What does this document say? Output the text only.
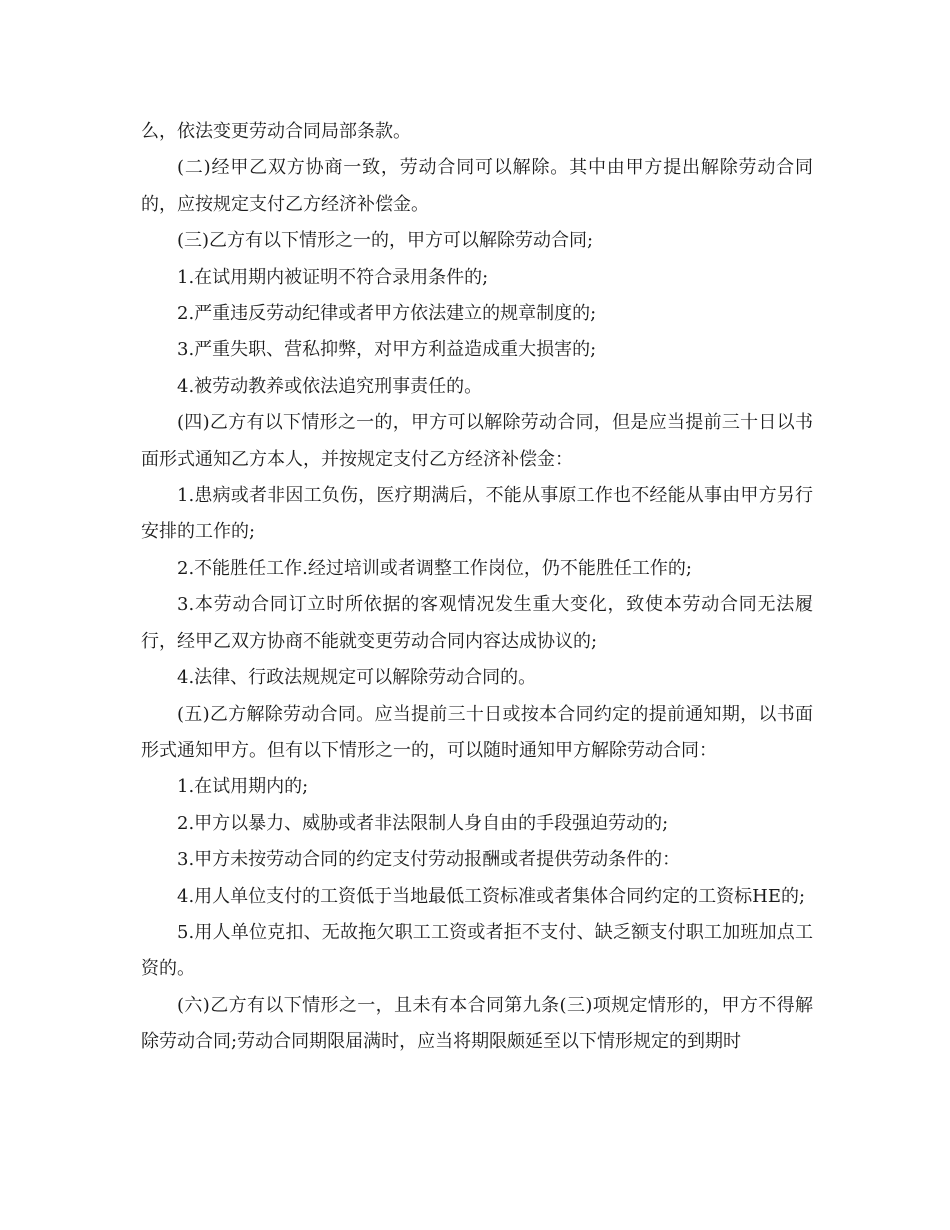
么，依法变更劳动合同局部条款。

(二)经甲乙双方协商一致，劳动合同可以解除。其中由甲方提出解除劳动合同的，应按规定支付乙方经济补偿金。

(三)乙方有以下情形之一的，甲方可以解除劳动合同;

1.在试用期内被证明不符合录用条件的;

2.严重违反劳动纪律或者甲方依法建立的规章制度的;

3.严重失职、营私抑弊，对甲方利益造成重大损害的;

4.被劳动教养或依法追究刑事责任的。

(四)乙方有以下情形之一的，甲方可以解除劳动合同，但是应当提前三十日以书面形式通知乙方本人，并按规定支付乙方经济补偿金：

1.患病或者非因工负伤，医疗期满后，不能从事原工作也不经能从事由甲方另行安排的工作的;

2.不能胜任工作.经过培训或者调整工作岗位，仍不能胜任工作的;

3.本劳动合同订立时所依据的客观情况发生重大变化，致使本劳动合同无法履行，经甲乙双方协商不能就变更劳动合同内容达成协议的;

4.法律、行政法规规定可以解除劳动合同的。

(五)乙方解除劳动合同。应当提前三十日或按本合同约定的提前通知期，以书面形式通知甲方。但有以下情形之一的，可以随时通知甲方解除劳动合同：

1.在试用期内的;

2.甲方以暴力、威胁或者非法限制人身自由的手段强迫劳动的;

3.甲方未按劳动合同的约定支付劳动报酬或者提供劳动条件的：

4.用人单位支付的工资低于当地最低工资标准或者集体合同约定的工资标HE的;

5.用人单位克扣、无故拖欠职工工资或者拒不支付、缺乏额支付职工加班加点工资的。

(六)乙方有以下情形之一，且未有本合同第九条(三)项规定情形的，甲方不得解除劳动合同;劳动合同期限届满时，应当将期限颇延至以下情形规定的到期时
